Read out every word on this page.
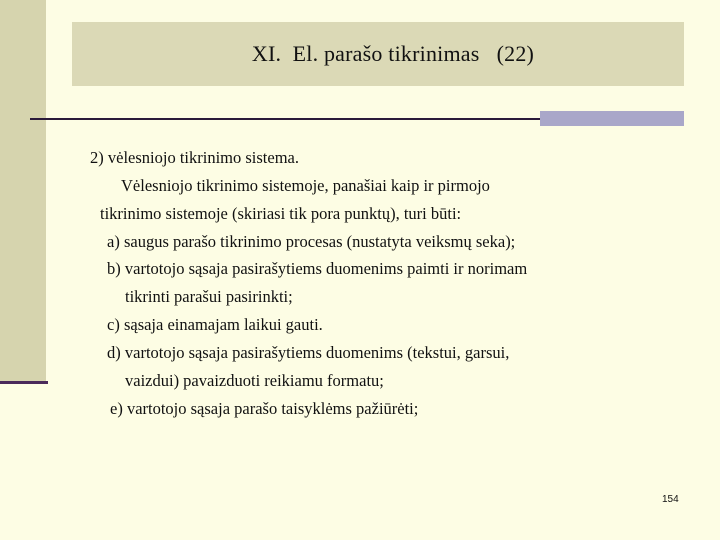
XI.  El. parašo tikrinimas   (22)
2) vėlesniojo tikrinimo sistema.
Vėlesniojo tikrinimo sistemoje, panašiai kaip ir pirmojo
tikrinimo sistemoje (skiriasi tik pora punktų), turi būti:
a) saugus parašo tikrinimo procesas (nustatyta veiksmų seka);
b) vartotojo sąsaja pasirašytiems duomenims paimti ir norimam
tikrinti parašui pasirinkti;
c) sąsaja einamajam laikui gauti.
d) vartotojo sąsaja pasirašytiems duomenims (tekstui, garsui,
vaizdui) pavaizduoti reikiamu formatu;
e) vartotojo sąsaja parašo taisyklėms pažiūrėti;
154
